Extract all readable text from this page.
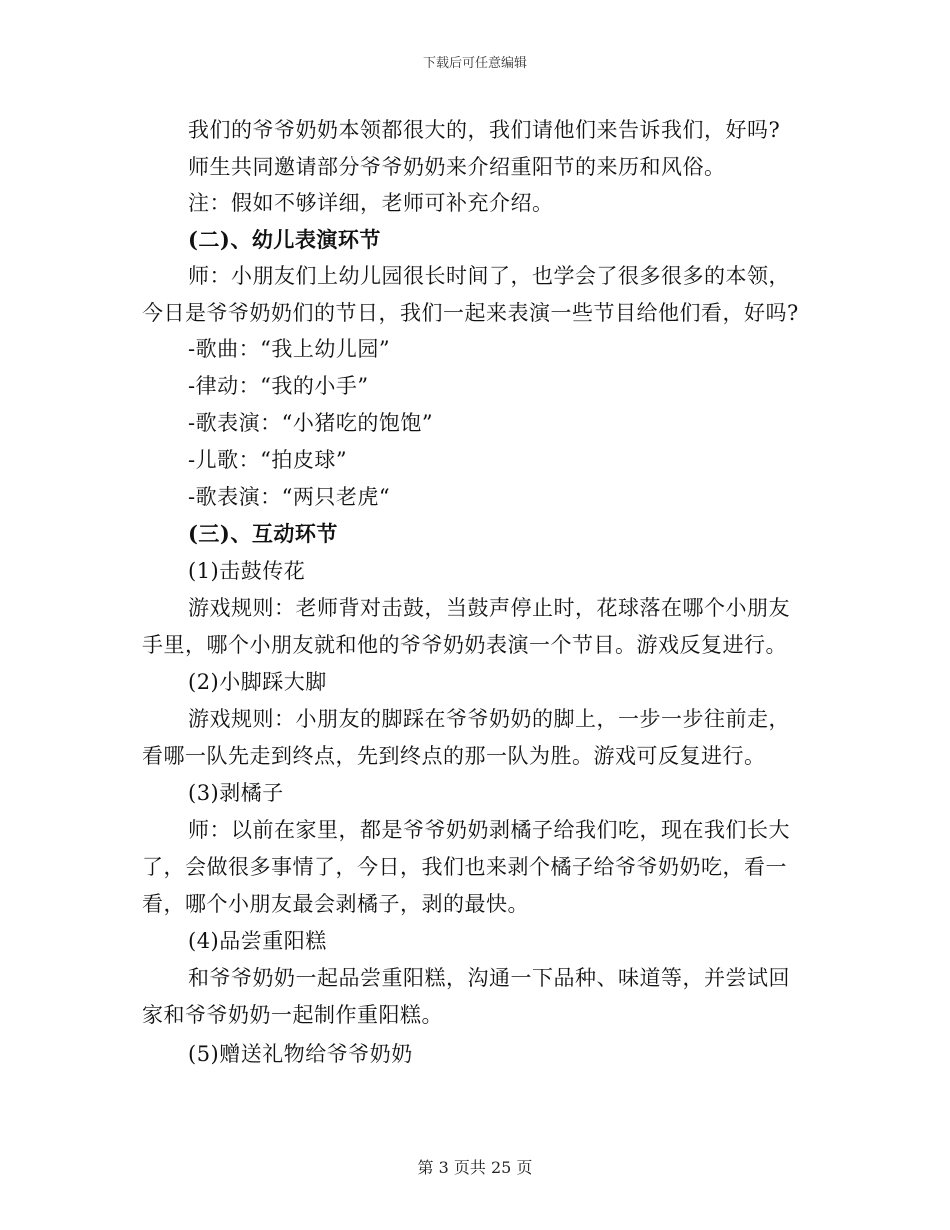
下载后可任意编辑
我们的爷爷奶奶本领都很大的，我们请他们来告诉我们，好吗?
师生共同邀请部分爷爷奶奶来介绍重阳节的来历和风俗。
注：假如不够详细，老师可补充介绍。
(二)、幼儿表演环节
师：小朋友们上幼儿园很长时间了，也学会了很多很多的本领，
今日是爷爷奶奶们的节日，我们一起来表演一些节目给他们看，好吗?
-歌曲：“我上幼儿园”
-律动：“我的小手”
-歌表演：“小猪吃的饱饱”
-儿歌：“拍皮球”
-歌表演：“两只老虎“
(三)、互动环节
(1)击鼓传花
游戏规则：老师背对击鼓，当鼓声停止时，花球落在哪个小朋友
手里，哪个小朋友就和他的爷爷奶奶表演一个节目。游戏反复进行。
(2)小脚踩大脚
游戏规则：小朋友的脚踩在爷爷奶奶的脚上，一步一步往前走，
看哪一队先走到终点，先到终点的那一队为胜。游戏可反复进行。
(3)剥橘子
师：以前在家里，都是爷爷奶奶剥橘子给我们吃，现在我们长大
了，会做很多事情了，今日，我们也来剥个橘子给爷爷奶奶吃，看一
看，哪个小朋友最会剥橘子，剥的最快。
(4)品尝重阳糕
和爷爷奶奶一起品尝重阳糕，沟通一下品种、味道等，并尝试回
家和爷爷奶奶一起制作重阳糕。
(5)赠送礼物给爷爷奶奶
第 3 页共 25 页
